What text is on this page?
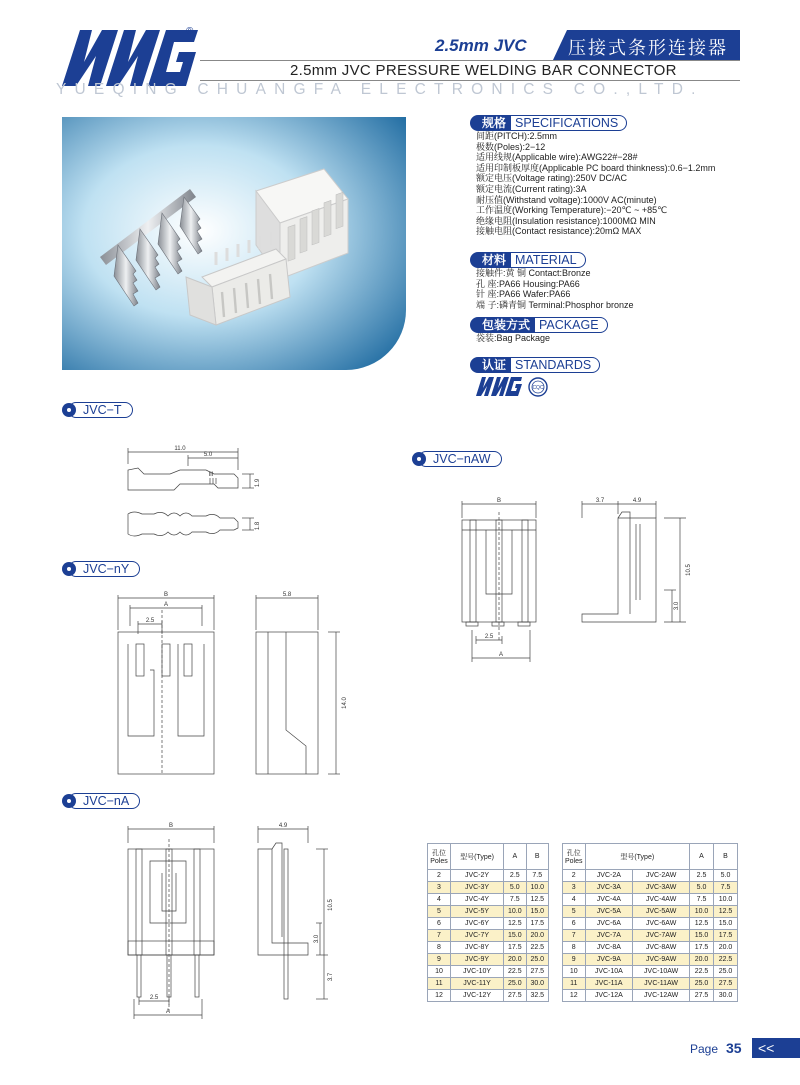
®
2.5mm JVC 压接式条形连接器
2.5mm JVC PRESSURE WELDING BAR CONNECTOR
YUEQING CHUANGFA ELECTRONICS CO.,LTD.
规格 SPECIFICATIONS
间距(PITCH):2.5mm
极数(Poles):2−12
适用线规(Applicable wire):AWG22#−28#
适用印制板厚度(Applicable PC board thinkness):0.6−1.2mm
额定电压(Voltage rating):250V DC/AC
额定电流(Current rating):3A
耐压值(Withstand voltage):1000V AC(minute)
工作温度(Working Temperature):−20℃ ~ +85℃
绝缘电阻(Insulation resistance):1000MΩ MIN
接触电阻(Contact resistance):20mΩ MAX
材料 MATERIAL
接触件:黄 铜 Contact:Bronze
孔 座:PA66 Housing:PA66
针 座:PA66 Wafer:PA66
端 子:磷青铜 Terminal:Phosphor bronze
包装方式 PACKAGE
袋装:Bag Package
认证 STANDARDS
CQC
JVC−T
11.0
5.0
III
1.9
1.8
JVC−nY
B
A
2.5
5.8
14.0
JVC−nAW
B
2.5
A
3.7	4.9
10.5
3.0
JVC−nA
B
2.5
A
4.9
10.5
3.0
3.7
孔位 Poles	型号(Type)	A	B
2	JVC-2Y	2.5	7.5
3	JVC-3Y	5.0	10.0
4	JVC-4Y	7.5	12.5
5	JVC-5Y	10.0	15.0
6	JVC-6Y	12.5	17.5
7	JVC-7Y	15.0	20.0
8	JVC-8Y	17.5	22.5
9	JVC-9Y	20.0	25.0
10	JVC-10Y	22.5	27.5
11	JVC-11Y	25.0	30.0
12	JVC-12Y	27.5	32.5
孔位 Poles	型号(Type)		A	B
2	JVC-2A	JVC-2AW	2.5	5.0
3	JVC-3A	JVC-3AW	5.0	7.5
4	JVC-4A	JVC-4AW	7.5	10.0
5	JVC-5A	JVC-5AW	10.0	12.5
6	JVC-6A	JVC-6AW	12.5	15.0
7	JVC-7A	JVC-7AW	15.0	17.5
8	JVC-8A	JVC-8AW	17.5	20.0
9	JVC-9A	JVC-9AW	20.0	22.5
10	JVC-10A	JVC-10AW	22.5	25.0
11	JVC-11A	JVC-11AW	25.0	27.5
12	JVC-12A	JVC-12AW	27.5	30.0
Page 35	<<
